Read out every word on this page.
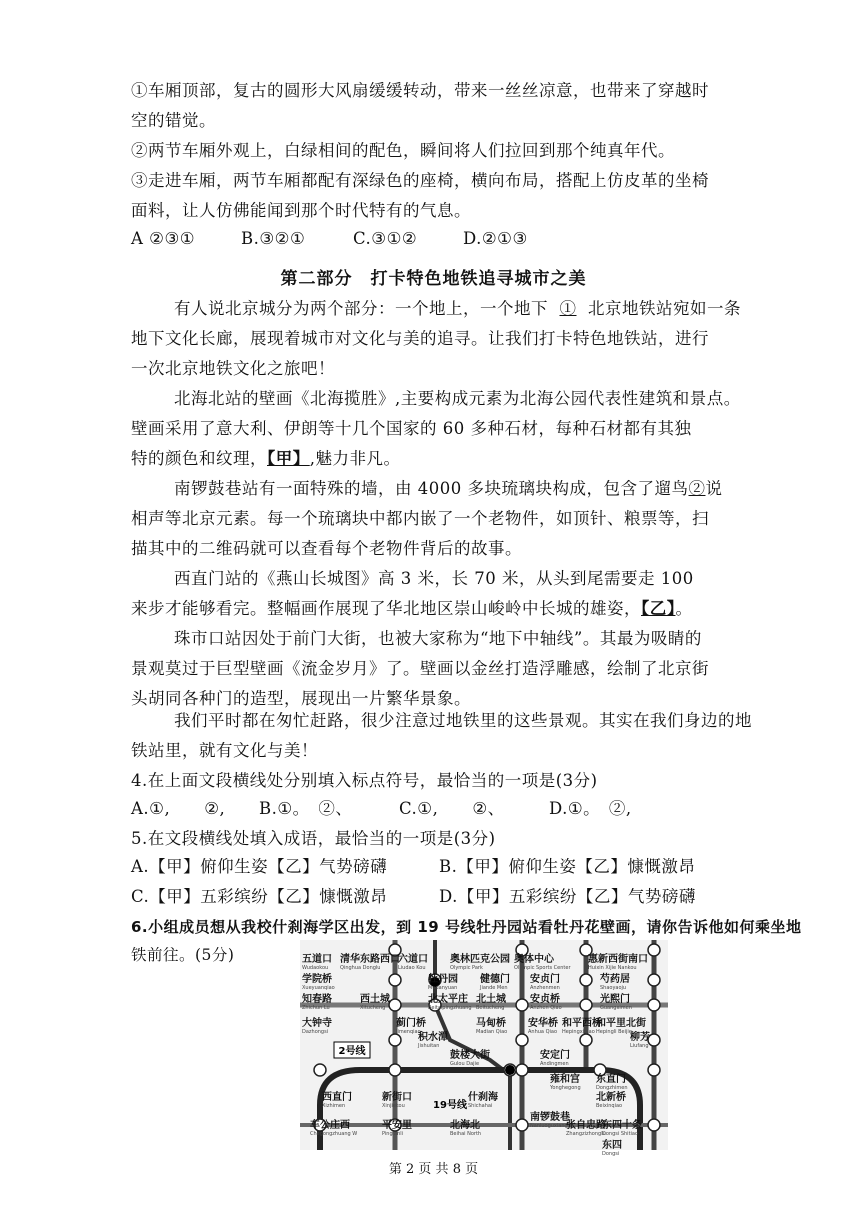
①车厢顶部，复古的圆形大风扇缓缓转动，带来一丝丝凉意，也带来了穿越时
空的错觉。
②两节车厢外观上，白绿相间的配色，瞬间将人们拉回到那个纯真年代。
③走进车厢，两节车厢都配有深绿色的座椅，横向布局，搭配上仿皮革的坐椅
面料，让人仿佛能闻到那个时代特有的气息。
A ②③①	B.③②①	C.③①②	D.②①③
第二部分　打卡特色地铁追寻城市之美
有人说北京城分为两个部分：一个地上，一个地下 ① 北京地铁站宛如一条
地下文化长廊，展现着城市对文化与美的追寻。让我们打卡特色地铁站，进行
一次北京地铁文化之旅吧！
北海北站的壁画《北海揽胜》,主要构成元素为北海公园代表性建筑和景点。
壁画采用了意大利、伊朗等十几个国家的 60 多种石材，每种石材都有其独
特的颜色和纹理，【甲】,魅力非凡。
南锣鼓巷站有一面特殊的墙，由 4000 多块琉璃块构成，包含了遛鸟②说
相声等北京元素。每一个琉璃块中都内嵌了一个老物件，如顶针、粮票等，扫
描其中的二维码就可以查看每个老物件背后的故事。
西直门站的《燕山长城图》高 3 米，长 70 米，从头到尾需要走 100
来步才能够看完。整幅画作展现了华北地区崇山峻岭中长城的雄姿，【乙】。
珠市口站因处于前门大街，也被大家称为“地下中轴线”。其最为吸睛的
景观莫过于巨型壁画《流金岁月》了。壁画以金丝打造浮雕感，绘制了北京街
头胡同各种门的造型，展现出一片繁华景象。
我们平时都在匆忙赶路，很少注意过地铁里的这些景观。其实在我们身边的地
铁站里，就有文化与美！
4.在上面文段横线处分别填入标点符号，最恰当的一项是(3分)
A.①,　　②, B.①。　②、	C.①,　　②、	D.①。　②,
5.在文段横线处填入成语，最恰当的一项是(3分)
A.【甲】俯仰生姿【乙】气势磅礴	B.【甲】俯仰生姿【乙】慷慨激昂
C.【甲】五彩缤纷【乙】慷慨激昂	D.【甲】五彩缤纷【乙】气势磅礴
6.小组成员想从我校什刹海学区出发，到 19 号线牡丹园站看牡丹花壁画，请你告诉他如何乘坐地
铁前往。(5分)	五道口
Wudaokou
清华东路西口
Qinghua Donglu
六道口
Liudao Kou
奥林匹克公园
Olympic Park
奥体中心
Olympic Sports Center
惠新西街南口
Huixin Xijie Nankou
学院桥
Xueyuanqiao
牡丹园
Mudanyuan
健德门
Jiande Men
安贞门
Anzhenmen
芍药居
Shaoyaoju
知春路
Zhichun Lu
西土城
Xitucheng
北太平庄
Beitaipingzhuang
北土城
Beitucheng
安贞桥
Anzhen Qiao
光熙门
Guangximen
大钟寺
Dazhongsi
蓟门桥
Jimenqiao
积水潭
Jishuitan
马甸桥
Madian Qiao
安华桥
Anhua Qiao
和平西桥
Hepingxiqiao
和平里北街
Hepingli Beijie
柳芳
Liufang
鼓楼大街
Gulou Dajie
安定门
Andingmen
雍和宫
Yonghegong
东直门
Dongzhimen
西直门
Xizhimen
新街口
Xinjiekou
什刹海
Shichahai
北新桥
Beixinqiao
车公庄西
Chegongzhuang W
平安里
Ping'anli
北海北
Beihai North
南锣鼓巷
Nanluoguxiang
张自忠路
Zhangzizhonglu
东四十条
Dongsi Shitiao
东四
Dongsi
2号线
19号线
第 2 页 共 8 页
